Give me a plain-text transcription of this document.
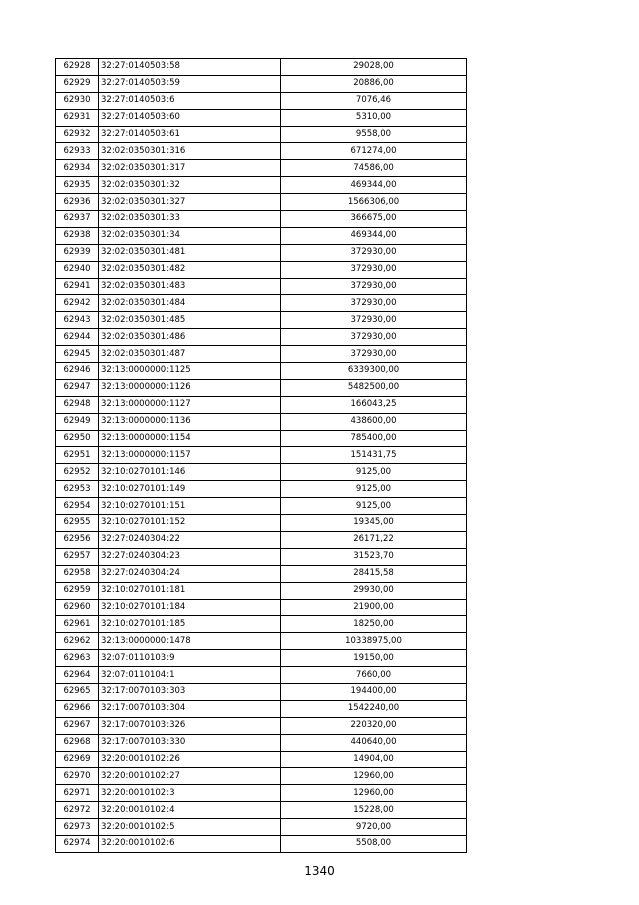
62928	32:27:0140503:58	29028,00
62929	32:27:0140503:59	20886,00
62930	32:27:0140503:6	7076,46
62931	32:27:0140503:60	5310,00
62932	32:27:0140503:61	9558,00
62933	32:02:0350301:316	671274,00
62934	32:02:0350301:317	74586,00
62935	32:02:0350301:32	469344,00
62936	32:02:0350301:327	1566306,00
62937	32:02:0350301:33	366675,00
62938	32:02:0350301:34	469344,00
62939	32:02:0350301:481	372930,00
62940	32:02:0350301:482	372930,00
62941	32:02:0350301:483	372930,00
62942	32:02:0350301:484	372930,00
62943	32:02:0350301:485	372930,00
62944	32:02:0350301:486	372930,00
62945	32:02:0350301:487	372930,00
62946	32:13:0000000:1125	6339300,00
62947	32:13:0000000:1126	5482500,00
62948	32:13:0000000:1127	166043,25
62949	32:13:0000000:1136	438600,00
62950	32:13:0000000:1154	785400,00
62951	32:13:0000000:1157	151431,75
62952	32:10:0270101:146	9125,00
62953	32:10:0270101:149	9125,00
62954	32:10:0270101:151	9125,00
62955	32:10:0270101:152	19345,00
62956	32:27:0240304:22	26171,22
62957	32:27:0240304:23	31523,70
62958	32:27:0240304:24	28415,58
62959	32:10:0270101:181	29930,00
62960	32:10:0270101:184	21900,00
62961	32:10:0270101:185	18250,00
62962	32:13:0000000:1478	10338975,00
62963	32:07:0110103:9	19150,00
62964	32:07:0110104:1	7660,00
62965	32:17:0070103:303	194400,00
62966	32:17:0070103:304	1542240,00
62967	32:17:0070103:326	220320,00
62968	32:17:0070103:330	440640,00
62969	32:20:0010102:26	14904,00
62970	32:20:0010102:27	12960,00
62971	32:20:0010102:3	12960,00
62972	32:20:0010102:4	15228,00
62973	32:20:0010102:5	9720,00
62974	32:20:0010102:6	5508,00
1340
